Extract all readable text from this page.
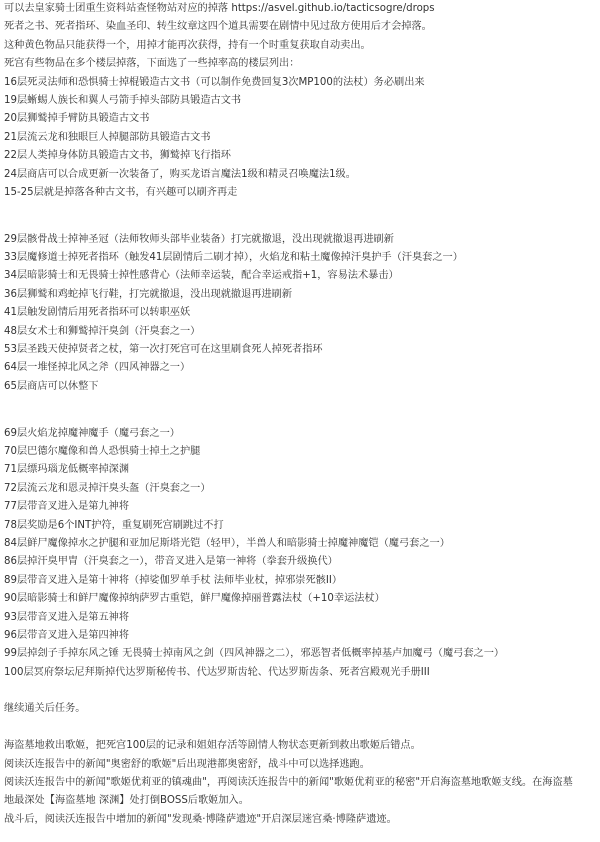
可以去皇家骑士团重生资料站查怪物站对应的掉落 https://asvel.github.io/tacticsogre/drops
死者之书、死者指环、染血圣印、转生纹章这四个道具需要在剧情中见过敌方使用后才会掉落。
这种黄色物品只能获得一个，用掉才能再次获得，持有一个时重复获取自动卖出。
死宫有些物品在多个楼层掉落，下面选了一些掉率高的楼层列出：
16层死灵法师和恐惧骑士掉棍锻造古文书（可以制作免费回复3次MP100的法杖）务必刷出来
19层蜥蜴人族长和翼人弓箭手掉头部防具锻造古文书
20层狮鹫掉手臂防具锻造古文书
21层流云龙和独眼巨人掉腿部防具锻造古文书
22层人类掉身体防具锻造古文书，狮鹫掉飞行指环
24层商店可以合成更新一次装备了，购买龙语言魔法1级和精灵召唤魔法1级。
15-25层就是掉落各种古文书，有兴趣可以刷齐再走
29层骸骨战士掉神圣冠（法师牧师头部毕业装备）打完就撤退，没出现就撤退再进刷新
33层魔修道士掉死者指环（触发41层剧情后二刷才掉），火焰龙和粘土魔像掉汗臭护手（汗臭套之一）
34层暗影骑士和无畏骑士掉性感背心（法师幸运装，配合幸运戒指+1，容易法术暴击）
36层狮鹫和鸡蛇掉飞行鞋，打完就撤退，没出现就撤退再进刷新
41层触发剧情后用死者指环可以转职巫妖
48层女术士和狮鹫掉汗臭剑（汗臭套之一）
53层圣践天使掉贤者之杖，第一次打死宫可在这里刷食死人掉死者指环
64层一堆怪掉北风之斧（四风神器之一）
65层商店可以休整下
69层火焰龙掉魔神魔手（魔弓套之一）
70层巴德尔魔像和兽人恐惧骑士掉土之护腿
71层缥玛瑙龙低概率掉深渊
72层流云龙和恩灵掉汗臭头盔（汗臭套之一）
77层带音叉进入是第九神将
78层奖励是6个INT护符，重复刷死宫刷跳过不打
84层鲜尸魔像掉水之护腿和亚加尼斯塔光铠（轻甲），半兽人和暗影骑士掉魔神魔铠（魔弓套之一）
86层掉汗臭甲胄（汗臭套之一），带音叉进入是第一神将（拳套升级换代）
89层带音叉进入是第十神将（掉娑伽罗单手杖 法师毕业杖，掉邪崇死骸II）
90层暗影骑士和鲜尸魔像掉纳萨罗古重铠，鲜尸魔像掉丽普露法杖（+10幸运法杖）
93层带音叉进入是第五神将
96层带音叉进入是第四神将
99层掉刽子手掉东风之锤 无畏骑士掉南风之剑（四风神器之二），邪恶智者低概率掉基卢加魔弓（魔弓套之一）
100层冥府祭坛尼拜斯掉代达罗斯秘传书、代达罗斯齿轮、代达罗斯齿条、死者宫殿观光手册III
继续通关后任务。
海盗墓地救出歌姬，把死宫100层的记录和姐姐存活等剧情人物状态更新到救出歌姬后错点。
阅读沃连报告中的新闻"奥密舒的歌姬"后出现港都奥密舒，战斗中可以选择逃跑。
阅读沃连报告中的新闻"歌姬优莉亚的镇魂曲"，再阅读沃连报告中的新闻"歌姬优莉亚的秘密"开启海盗墓地歌姬支线。在海盗墓
地最深处【海盗墓地 深渊】处打倒BOSS后歌姬加入。
战斗后，阅读沃连报告中增加的新闻"发现桑·博隆萨遗迹"开启深层迷宫桑·博隆萨遗迹。
